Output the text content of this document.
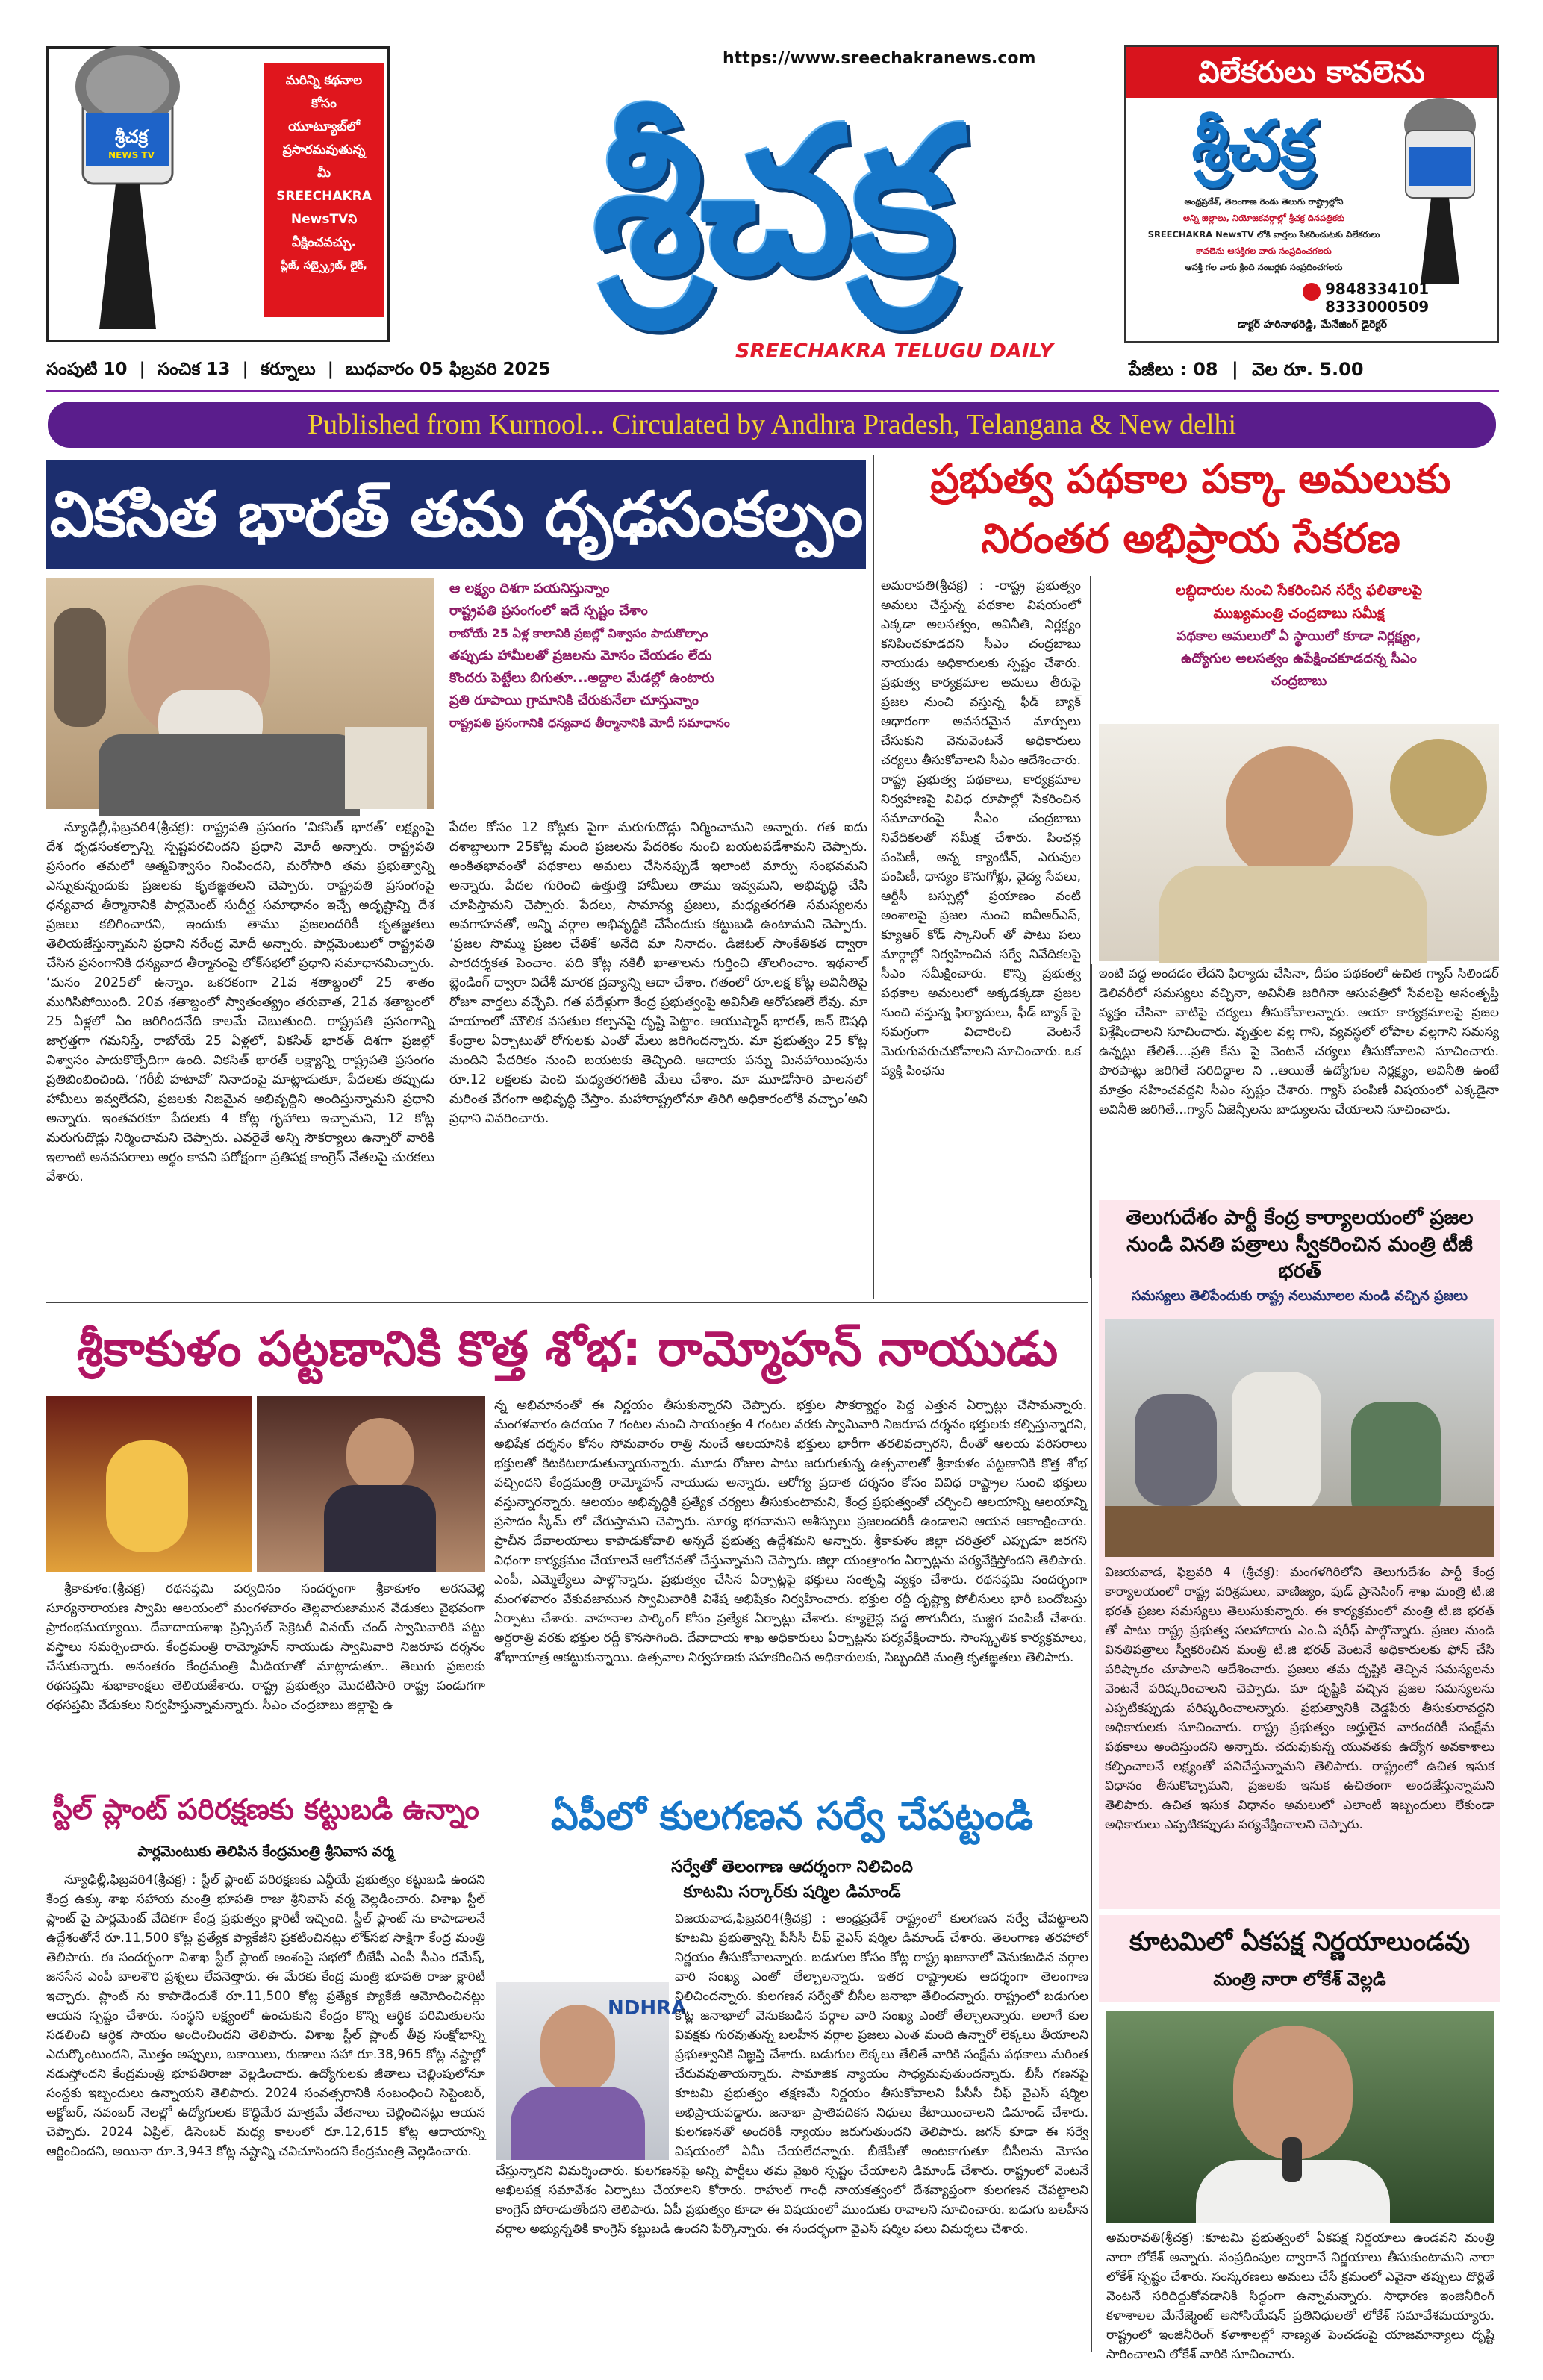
శ్రీచక్ర
NEWS TV
మరిన్ని కథనాల
కోసం
యూట్యూబ్‌లో
ప్రసారమవుతున్న
మీ
SREECHAKRA
NewsTVని
వీక్షించవచ్చు.
ప్లీజ్, సబ్స్క్రైబ్, లైక్,
https://www.sreechakranews.com
శ్రీచక్ర
SREECHAKRA TELUGU DAILY
విలేకరులు కావలెను
శ్రీచక్ర
ఆంధ్రప్రదేశ్, తెలంగాణ రెండు తెలుగు రాష్ట్రాల్లోని
అన్ని జిల్లాలు, నియోజకవర్గాల్లో శ్రీచక్ర దినపత్రికకు
SREECHAKRA NewsTV లోకి వార్తలు సేకరించుటకు విలేకరులు
కావలెను ఆసక్తిగల వారు సంప్రదించగలరు
ఆసక్తి గల వారు క్రింది నంబర్లకు సంప్రదించగలరు
9848334101
8333000509
డాక్టర్ హరినాథరెడ్డి, మేనేజింగ్ డైరెక్టర్
సంపుటి 10 | సంచిక 13 | కర్నూలు | బుధవారం 05 ఫిబ్రవరి 2025	పేజీలు : 08 | వెల రూ. 5.00
Published from Kurnool... Circulated by Andhra Pradesh, Telangana & New delhi
వికసిత భారత్ తమ ధృఢసంకల్పం
ఆ లక్ష్యం దిశగా పయనిస్తున్నాం
రాష్ట్రపతి ప్రసంగంలో ఇదే స్పష్టం చేశాం
రాబోయే 25 ఏళ్ల కాలానికి ప్రజల్లో విశ్వాసం పాదుకొల్పాం
తప్పుడు హామీలతో ప్రజలను మోసం చేయడం లేదు
కొందరు పెట్టేలు బిగుతూ...అద్దాల మేడల్లో ఉంటారు
ప్రతి రూపాయి గ్రామానికి చేరుకునేలా చూస్తున్నాం
రాష్ట్రపతి ప్రసంగానికి ధన్యవాద తీర్మానానికి మోదీ సమాధానం

న్యూఢిల్లీ,ఫిబ్రవరి4(శ్రీచక్ర): రాష్ట్రపతి ప్రసంగం ‘వికసిత్ భారత్’ లక్ష్యంపై దేశ ధృఢసంకల్పాన్ని స్పష్టపరచిందని ప్రధాని మోదీ అన్నారు. రాష్ట్రపతి ప్రసంగం తమలో ఆత్మవిశ్వాసం నింపిందని, మరోసారి తమ ప్రభుత్వాన్ని ఎన్నుకున్నందుకు ప్రజలకు కృతజ్ఞతలని చెప్పారు. రాష్ట్రపతి ప్రసంగంపై ధన్యవాద తీర్మానానికి పార్లమెంట్ సుదీర్ఘ సమాధానం ఇచ్చే అదృష్టాన్ని దేశ ప్రజలు కలిగించారని, ఇందుకు తాము ప్రజలందరికీ కృతజ్ఞతలు తెలియజేస్తున్నామని ప్రధాని నరేంద్ర మోదీ అన్నారు. పార్లమెంటులో రాష్ట్రపతి చేసిన ప్రసంగానికి ధన్యవాద తీర్మానంపై లోక్‌సభలో ప్రధాని సమాధానమిచ్చారు. ‘మనం 2025లో ఉన్నాం. ఒకరకంగా 21వ శతాబ్దంలో 25 శాతం ముగిసిపోయింది. 20వ శతాబ్దంలో స్వాతంత్య్రం తరువాత, 21వ శతాబ్దంలో 25 ఏళ్లలో ఏం జరిగిందనేది కాలమే చెబుతుంది. రాష్ట్రపతి ప్రసంగాన్ని జాగ్రత్తగా గమనిస్తే, రాబోయే 25 ఏళ్లలో, వికసిత్ భారత్ దిశగా ప్రజల్లో విశ్వాసం పాదుకొల్పేదిగా ఉంది. వికసిత్ భారత్ లక్ష్యాన్ని రాష్ట్రపతి ప్రసంగం ప్రతిబింబించింది. ‘గరీబీ హటావో’ నినాదంపై మాట్లాడుతూ, పేదలకు తప్పుడు హామీలు ఇవ్వలేదని, ప్రజలకు నిజమైన అభివృద్ధిని అందిస్తున్నామని ప్రధాని అన్నారు. ఇంతవరకూ పేదలకు 4 కోట్ల గృహాలు ఇచ్చామని, 12 కోట్ల మరుగుదొడ్లు నిర్మించామని చెప్పారు. ఎవరైతే అన్ని సౌకర్యాలు ఉన్నారో వారికి ఇలాంటి అనవసరాలు అర్థం కావని పరోక్షంగా ప్రతిపక్ష కాంగ్రెస్ నేతలపై చురకలు వేశారు.

పేదల కోసం 12 కోట్లకు పైగా మరుగుదొడ్లు నిర్మించామని అన్నారు. గత ఐదు దశాబ్దాలుగా 25కోట్ల మంది ప్రజలను పేదరికం నుంచి బయటపడేశామని చెప్పారు. అంకితభావంతో పథకాలు అమలు చేసినప్పుడే ఇలాంటి మార్పు సంభవమని అన్నారు. పేదల గురించి ఉత్తుత్తి హామీలు తాము ఇవ్వమని, అభివృద్ధి చేసి చూపిస్తామని చెప్పారు. పేదలు, సామాన్య ప్రజలు, మధ్యతరగతి సమస్యలను అవగాహనతో, అన్ని వర్గాల అభివృద్ధికి చేసేందుకు కట్టుబడి ఉంటామని చెప్పారు. ‘ప్రజల సొమ్ము ప్రజల చేతికే’ అనేది మా నినాదం. డిజిటల్ సాంకేతికత ద్వారా పారదర్శకత పెంచాం. పది కోట్ల నకిలీ ఖాతాలను గుర్తించి తొలగించాం. ఇథనాల్ బ్లెండింగ్ ద్వారా విదేశీ మారక ద్రవ్యాన్ని ఆదా చేశాం. గతంలో రూ.లక్ష కోట్ల అవినీతిపై రోజూ వార్తలు వచ్చేవి. గత పదేళ్లుగా కేంద్ర ప్రభుత్వంపై అవినీతి ఆరోపణలే లేవు. మా హయాంలో మౌలిక వసతుల కల్పనపై దృష్టి పెట్టాం. ఆయుష్మాన్ భారత్, జన్ ఔషధి కేంద్రాల ఏర్పాటుతో రోగులకు ఎంతో మేలు జరిగిందన్నారు. మా ప్రభుత్వం 25 కోట్ల మందిని పేదరికం నుంచి బయటకు తెచ్చింది. ఆదాయ పన్ను మినహాయింపును రూ.12 లక్షలకు పెంచి మధ్యతరగతికి మేలు చేశాం. మా మూడోసారి పాలనలో మరింత వేగంగా అభివృద్ధి చేస్తాం. మహారాష్ట్రలోనూ తిరిగి అధికారంలోకి వచ్చాం’అని ప్రధాని వివరించారు.

ప్రభుత్వ పథకాల పక్కా అమలుకు
నిరంతర అభిప్రాయ సేకరణ

అమరావతి(శ్రీచక్ర) : -రాష్ట్ర ప్రభుత్వం అమలు చేస్తున్న పథకాల విషయంలో ఎక్కడా అలసత్వం, అవినీతి, నిర్లక్ష్యం కనిపించకూడదని సీఎం చంద్రబాబు నాయుడు అధికారులకు స్పష్టం చేశారు. ప్రభుత్వ కార్యక్రమాల అమలు తీరుపై ప్రజల నుంచి వస్తున్న ఫీడ్ బ్యాక్ ఆధారంగా అవసరమైన మార్పులు చేసుకుని వెనువెంటనే అధికారులు చర్యలు తీసుకోవాలని సీఎం ఆదేశించారు. రాష్ట్ర ప్రభుత్వ పథకాలు, కార్యక్రమాల నిర్వహణపై వివిధ రూపాల్లో సేకరించిన సమాచారంపై సీఎం చంద్రబాబు నివేదికలతో సమీక్ష చేశారు. పింఛన్ల పంపిణీ, అన్న క్యాంటీన్, ఎరువుల పంపిణీ, ధాన్యం కొనుగోళ్లు, వైద్య సేవలు, ఆర్టీసీ బస్సుల్లో ప్రయాణం వంటి అంశాలపై ప్రజల నుంచి ఐవీఆర్ఎస్, క్యూఆర్ కోడ్ స్కానింగ్ తో పాటు పలు మార్గాల్లో నిర్వహించిన సర్వే నివేదికలపై సీఎం సమీక్షించారు. కొన్ని ప్రభుత్వ పథకాల అమలులో అక్కడక్కడా ప్రజల నుంచి వస్తున్న ఫిర్యాదులు, ఫీడ్ బ్యాక్ పై సమగ్రంగా విచారించి వెంటనే మెరుగుపరుచుకోవాలని సూచించారు. ఒక వ్యక్తి పింఛను

లబ్ధిదారుల నుంచి సేకరించిన సర్వే ఫలితాలపై
ముఖ్యమంత్రి చంద్రబాబు సమీక్ష
పథకాల అమలులో ఏ స్థాయిలో కూడా నిర్లక్ష్యం,
ఉద్యోగుల అలసత్వం ఉపేక్షించకూడదన్న సీఎం
చంద్రబాబు

ఇంటి వద్ద అందడం లేదని ఫిర్యాదు చేసినా, దీపం పథకంలో ఉచిత గ్యాస్ సిలిండర్ డెలివరీలో సమస్యలు వచ్చినా, అవినీతి జరిగినా ఆసుపత్రిలో సేవలపై అసంతృప్తి వ్యక్తం చేసినా వాటిపై చర్యలు తీసుకోవాలన్నారు. ఆయా కార్యక్రమాలపై ప్రజల విశ్లేషించాలని సూచించారు. వృత్తుల వల్ల గాని, వ్యవస్థలో లోపాల వల్లగాని సమస్య ఉన్నట్లు తేలితే....ప్రతి కేసు పై వెంటనే చర్యలు తీసుకోవాలని సూచించారు. పొరపాట్లు జరిగితే సరిదిద్దాల ని ..ఆయితే ఉద్యోగుల నిర్లక్ష్యం, అవినీతి ఉంటే మాత్రం సహించవద్దని సీఎం స్పష్టం చేశారు. గ్యాస్ పంపిణీ విషయంలో ఎక్కడైనా అవినీతి జరిగితే...గ్యాస్ ఏజెన్సీలను బాధ్యులను చేయాలని సూచించారు.

తెలుగుదేశం పార్టీ కేంద్ర కార్యాలయంలో ప్రజల నుండి వినతి పత్రాలు స్వీకరించిన మంత్రి టీజీ భరత్
సమస్యలు తెలిపేందుకు రాష్ట్ర నలుమూలల నుండి వచ్చిన ప్రజలు

విజయవాడ, ఫిబ్రవరి 4 (శ్రీచక్ర): మంగళగిరిలోని తెలుగుదేశం పార్టీ కేంద్ర కార్యాలయంలో రాష్ట్ర పరిశ్రమలు, వాణిజ్యం, ఫుడ్ ప్రాసెసింగ్ శాఖ మంత్రి టి.జి భరత్ ప్రజల సమస్యలు తెలుసుకున్నారు. ఈ కార్యక్రమంలో మంత్రి టి.జి భరత్ తో పాటు రాష్ట్ర ప్రభుత్వ సలహాదారు ఎం.ఏ షరీఫ్ పాల్గొన్నారు. ప్రజల నుండి వినతిపత్రాలు స్వీకరించిన మంత్రి టి.జి భరత్ వెంటనే అధికారులకు ఫోన్ చేసి పరిష్కారం చూపాలని ఆదేశించారు. ప్రజలు తమ దృష్టికి తెచ్చిన సమస్యలను వెంటనే పరిష్కరించాలని చెప్పారు. మా దృష్టికి వచ్చిన ప్రజల సమస్యలను ఎప్పటికప్పుడు పరిష్కరించాలన్నారు. ప్రభుత్వానికి చెడ్డపేరు తీసుకురావద్దని అధికారులకు సూచించారు. రాష్ట్ర ప్రభుత్వం అర్హులైన వారందరికీ సంక్షేమ పథకాలు అందిస్తుందని అన్నారు. చదువుకున్న యువతకు ఉద్యోగ అవకాశాలు కల్పించాలనే లక్ష్యంతో పనిచేస్తున్నామని తెలిపారు. రాష్ట్రంలో ఉచిత ఇసుక విధానం తీసుకొచ్చామని, ప్రజలకు ఇసుక ఉచితంగా అందజేస్తున్నామని తెలిపారు. ఉచిత ఇసుక విధానం అమలులో ఎలాంటి ఇబ్బందులు లేకుండా అధికారులు ఎప్పటికప్పుడు పర్యవేక్షించాలని చెప్పారు.

శ్రీకాకుళం పట్టణానికి కొత్త శోభ: రామ్మోహన్ నాయుడు

శ్రీకాకుళం:(శ్రీచక్ర) రథసప్తమి పర్వదినం సందర్భంగా శ్రీకాకుళం అరసవెల్లి సూర్యనారాయణ స్వామి ఆలయంలో మంగళవారం తెల్లవారుజామున వేడుకలు వైభవంగా ప్రారంభమయ్యాయి. దేవాదాయశాఖ ప్రిన్సిపల్ సెక్రెటరీ వినయ్ చంద్ స్వామివారికి పట్టు వస్త్రాలు సమర్పించారు. కేంద్రమంత్రి రామ్మోహన్ నాయుడు స్వామివారి నిజరూప దర్శనం చేసుకున్నారు. అనంతరం కేంద్రమంత్రి మీడియాతో మాట్లాడుతూ.. తెలుగు ప్రజలకు రథసప్తమి శుభాకాంక్షలు తెలియజేశారు. రాష్ట్ర ప్రభుత్వం మొదటిసారి రాష్ట్ర పండుగగా రథసప్తమి వేడుకలు నిర్వహిస్తున్నామన్నారు. సీఎం చంద్రబాబు జిల్లాపై ఉ

న్న అభిమానంతో ఈ నిర్ణయం తీసుకున్నారని చెప్పారు. భక్తుల సౌకర్యార్థం పెద్ద ఎత్తున ఏర్పాట్లు చేసామన్నారు. మంగళవారం ఉదయం 7 గంటల నుంచి సాయంత్రం 4 గంటల వరకు స్వామివారి నిజరూప దర్శనం భక్తులకు కల్పిస్తున్నారని, అభిషేక దర్శనం కోసం సోమవారం రాత్రి నుంచే ఆలయానికి భక్తులు భారీగా తరలివచ్చారని, దీంతో ఆలయ పరిసరాలు భక్తులతో కిటకిటలాడుతున్నాయన్నారు. మూడు రోజుల పాటు జరుగుతున్న ఉత్సవాలతో శ్రీకాకుళం పట్టణానికి కొత్త శోభ వచ్చిందని కేంద్రమంత్రి రామ్మోహన్ నాయుడు అన్నారు. ఆరోగ్య ప్రదాత దర్శనం కోసం వివిధ రాష్ట్రాల నుంచి భక్తులు వస్తున్నారన్నారు. ఆలయం అభివృద్ధికి ప్రత్యేక చర్యలు తీసుకుంటామని, కేంద్ర ప్రభుత్వంతో చర్చించి ఆలయాన్ని ఆలయాన్ని ప్రసాదం స్కీమ్ లో చేరుస్తామని చెప్పారు. సూర్య భగవానుని ఆశీస్సులు ప్రజలందరికీ ఉండాలని ఆయన ఆకాంక్షించారు. ప్రాచీన దేవాలయాలు కాపాడుకోవాలి అన్నదే ప్రభుత్వ ఉద్దేశమని అన్నారు. శ్రీకాకుళం జిల్లా చరిత్రలో ఎప్పుడూ జరగని విధంగా కార్యక్రమం చేయాలనే ఆలోచనతో చేస్తున్నామని చెప్పారు. జిల్లా యంత్రాంగం ఏర్పాట్లను పర్యవేక్షిస్తోందని తెలిపారు. ఎంపీ, ఎమ్మెల్యేలు పాల్గొన్నారు. ప్రభుత్వం చేసిన ఏర్పాట్లపై భక్తులు సంతృప్తి వ్యక్తం చేశారు. రథసప్తమి సందర్భంగా మంగళవారం వేకువజామున స్వామివారికి విశేష అభిషేకం నిర్వహించారు. భక్తుల రద్దీ దృష్ట్యా పోలీసులు భారీ బందోబస్తు ఏర్పాటు చేశారు. వాహనాల పార్కింగ్ కోసం ప్రత్యేక ఏర్పాట్లు చేశారు. క్యూలైన్ల వద్ద తాగునీరు, మజ్జిగ పంపిణీ చేశారు. అర్ధరాత్రి వరకు భక్తుల రద్దీ కొనసాగింది. దేవాదాయ శాఖ అధికారులు ఏర్పాట్లను పర్యవేక్షించారు. సాంస్కృతిక కార్యక్రమాలు, శోభాయాత్ర ఆకట్టుకున్నాయి. ఉత్సవాల నిర్వహణకు సహకరించిన అధికారులకు, సిబ్బందికి మంత్రి కృతజ్ఞతలు తెలిపారు.

స్టీల్ ప్లాంట్ పరిరక్షణకు కట్టుబడి ఉన్నాం
పార్లమెంటుకు తెలిపిన కేంద్రమంత్రి శ్రీనివాస వర్మ

న్యూఢిల్లీ,ఫిబ్రవరి4(శ్రీచక్ర) : స్టీల్ ప్లాంట్ పరిరక్షణకు ఎన్డీయే ప్రభుత్వం కట్టుబడి ఉందని కేంద్ర ఉక్కు శాఖ సహాయ మంత్రి భూపతి రాజు శ్రీనివాస్ వర్మ వెల్లడించారు. విశాఖ స్టీల్ ప్లాంట్ పై పార్లమెంట్ వేదికగా కేంద్ర ప్రభుత్వం క్లారిటీ ఇచ్చింది. స్టీల్ ప్లాంట్ ను కాపాడాలనే ఉద్దేశంతోనే రూ.11,500 కోట్ల ప్రత్యేక ప్యాకేజీని ప్రకటించినట్లు లోక్‌సభ సాక్షిగా కేంద్ర మంత్రి తెలిపారు. ఈ సందర్భంగా విశాఖ స్టీల్ ప్లాంట్ అంశంపై సభలో బీజేపీ ఎంపీ సీఎం రమేష్, జనసేన ఎంపీ బాలశౌరి ప్రశ్నలు లేవనెత్తారు. ఈ మేరకు కేంద్ర మంత్రి భూపతి రాజు క్లారిటీ ఇచ్చారు. ప్లాంట్ ను కాపాడేందుకే రూ.11,500 కోట్ల ప్రత్యేక ప్యాకేజీ ఆమోదించినట్లు ఆయన స్పష్టం చేశారు. సంస్థని లక్ష్యంలో ఉంచుకుని కేంద్రం కొన్ని ఆర్థిక పరిమితులను సడలించి ఆర్థిక సాయం అందించిందని తెలిపారు. విశాఖ స్టీల్ ప్లాంట్ తీవ్ర సంక్షోభాన్ని ఎదుర్కొంటుందని, మొత్తం అప్పులు, బకాయిలు, రుణాలు సహా రూ.38,965 కోట్ల నష్టాల్లో నడుస్తోందని కేంద్రమంత్రి భూపతిరాజు వెల్లడించారు. ఉద్యోగులకు జీతాలు చెల్లింపులోనూ సంస్థకు ఇబ్బందులు ఉన్నాయని తెలిపారు. 2024 సంవత్సరానికి సంబంధించి సెప్టెంబర్, అక్టోబర్, నవంబర్ నెలల్లో ఉద్యోగులకు కొద్దిమేర మాత్రమే వేతనాలు చెల్లించినట్లు ఆయన చెప్పారు. 2024 ఏప్రిల్, డిసెంబర్ మధ్య కాలంలో రూ.12,615 కోట్ల ఆదాయాన్ని ఆర్జించిందని, అయినా రూ.3,943 కోట్ల నష్టాన్ని చవిచూసిందని కేంద్రమంత్రి వెల్లడించారు.

ఏపీలో కులగణన సర్వే చేపట్టండి
సర్వేతో తెలంగాణ ఆదర్శంగా నిలిచింది
కూటమి సర్కార్‌కు షర్మిల డిమాండ్
NDHRA

విజయవాడ,ఫిబ్రవరి4(శ్రీచక్ర) : ఆంధ్రప్రదేశ్ రాష్ట్రంలో కులగణన సర్వే చేపట్టాలని కూటమి ప్రభుత్వాన్ని పీసీసీ చీఫ్ వైఎస్ షర్మిల డిమాండ్ చేశారు. తెలంగాణ తరహాలో నిర్ణయం తీసుకోవాలన్నారు. బడుగుల కోసం కోట్ల రాష్ట్ర ఖజానాలో వెనుకబడిన వర్గాల వారి సంఖ్య ఎంతో తేల్చాలన్నారు. ఇతర రాష్ట్రాలకు ఆదర్శంగా తెలంగాణ నిలిచిందన్నారు. కులగణన సర్వేతో బీసీల జనాభా తేలిందన్నారు. రాష్ట్రంలో బడుగుల కోట్ల జనాభాలో వెనుకబడిన వర్గాల వారి సంఖ్య ఎంతో తేల్చాలన్నారు. అలాగే కుల వివక్షకు గురవుతున్న బలహీన వర్గాల ప్రజలు ఎంత మంది ఉన్నారో లెక్కలు తీయాలని ప్రభుత్వానికి విజ్ఞప్తి చేశారు. బడుగుల లెక్కలు తేలితే వారికి సంక్షేమ పథకాలు మరింత చేరువవుతాయన్నారు. సామాజిక న్యాయం సాధ్యమవుతుందన్నారు. బీసీ గణనపై కూటమి ప్రభుత్వం తక్షణమే నిర్ణయం తీసుకోవాలని పీసీసీ చీఫ్ వైఎస్ షర్మిల అభిప్రాయపడ్డారు. జనాభా ప్రాతిపదికన నిధులు కేటాయించాలని డిమాండ్ చేశారు. కులగణనతో అందరికీ న్యాయం జరుగుతుందని తెలిపారు. జగన్ కూడా ఈ సర్వే విషయంలో ఏమీ చేయలేదన్నారు. బీజేపీతో అంటకాగుతూ బీసీలను మోసం చేస్తున్నారని విమర్శించారు. కులగణనపై అన్ని పార్టీలు తమ వైఖరి స్పష్టం చేయాలని డిమాండ్ చేశారు. రాష్ట్రంలో వెంటనే అఖిలపక్ష సమావేశం ఏర్పాటు చేయాలని కోరారు. రాహుల్ గాంధీ నాయకత్వంలో దేశవ్యాప్తంగా కులగణన చేపట్టాలని కాంగ్రెస్ పోరాడుతోందని తెలిపారు. ఏపీ ప్రభుత్వం కూడా ఈ విషయంలో ముందుకు రావాలని సూచించారు. బడుగు బలహీన వర్గాల అభ్యున్నతికి కాంగ్రెస్ కట్టుబడి ఉందని పేర్కొన్నారు. ఈ సందర్భంగా వైఎస్ షర్మిల పలు విమర్శలు చేశారు.

కూటమిలో ఏకపక్ష నిర్ణయాలుండవు
మంత్రి నారా లోకేశ్ వెల్లడి

అమరావతి(శ్రీచక్ర) :కూటమి ప్రభుత్వంలో ఏకపక్ష నిర్ణయాలు ఉండవని మంత్రి నారా లోకేశ్ అన్నారు. సంప్రదింపుల ద్వారానే నిర్ణయాలు తీసుకుంటామని నారా లోకేశ్ స్పష్టం చేశారు. సంస్కరణలు అమలు చేసే క్రమంలో ఎవైనా తప్పులు దొర్లితే వెంటనే సరిదిద్దుకోవడానికి సిద్ధంగా ఉన్నామన్నారు. సాధారణ ఇంజినీరింగ్ కళాశాలల మేనేజ్మెంట్ అసోసియేషన్ ప్రతినిధులతో లోకేశ్ సమావేశమయ్యారు. రాష్ట్రంలో ఇంజినీరింగ్ కళాశాలల్లో నాణ్యత పెంచడంపై యాజమాన్యాలు దృష్టి సారించాలని లోకేశ్ వారికి సూచించారు.
